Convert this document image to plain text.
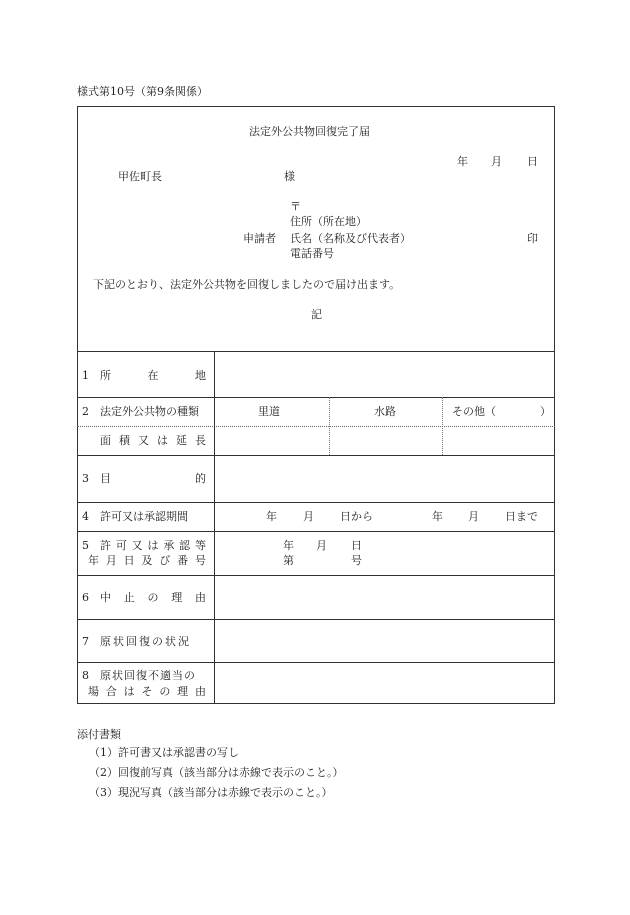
様式第10号（第9条関係）
法定外公共物回復完了届
年 月 日
甲佐町長	様
〒
住所（所在地）
申請者 氏名（名称及び代表者）	印
電話番号
下記のとおり、法定外公共物を回復しましたので届け出ます。
記
1 所	在	地
2 法定外公共物の種類	里道	水路	その他（	）
面 積 又 は 延 長
3 目	的
4 許可又は承認期間	年 月 日から	年 月 日まで
5 許 可 又 は 承 認 等
年 月 日 及 び 番 号
年 月 日
第	号
6 中 止 の 理 由
7 原状回復の状況
8 原状回復不適当の
場 合 は そ の 理 由
添付書類
（1） 許可書又は承認書の写し
（2） 回復前写真（該当部分は赤線で表示のこと。）
（3） 現況写真（該当部分は赤線で表示のこと。）
